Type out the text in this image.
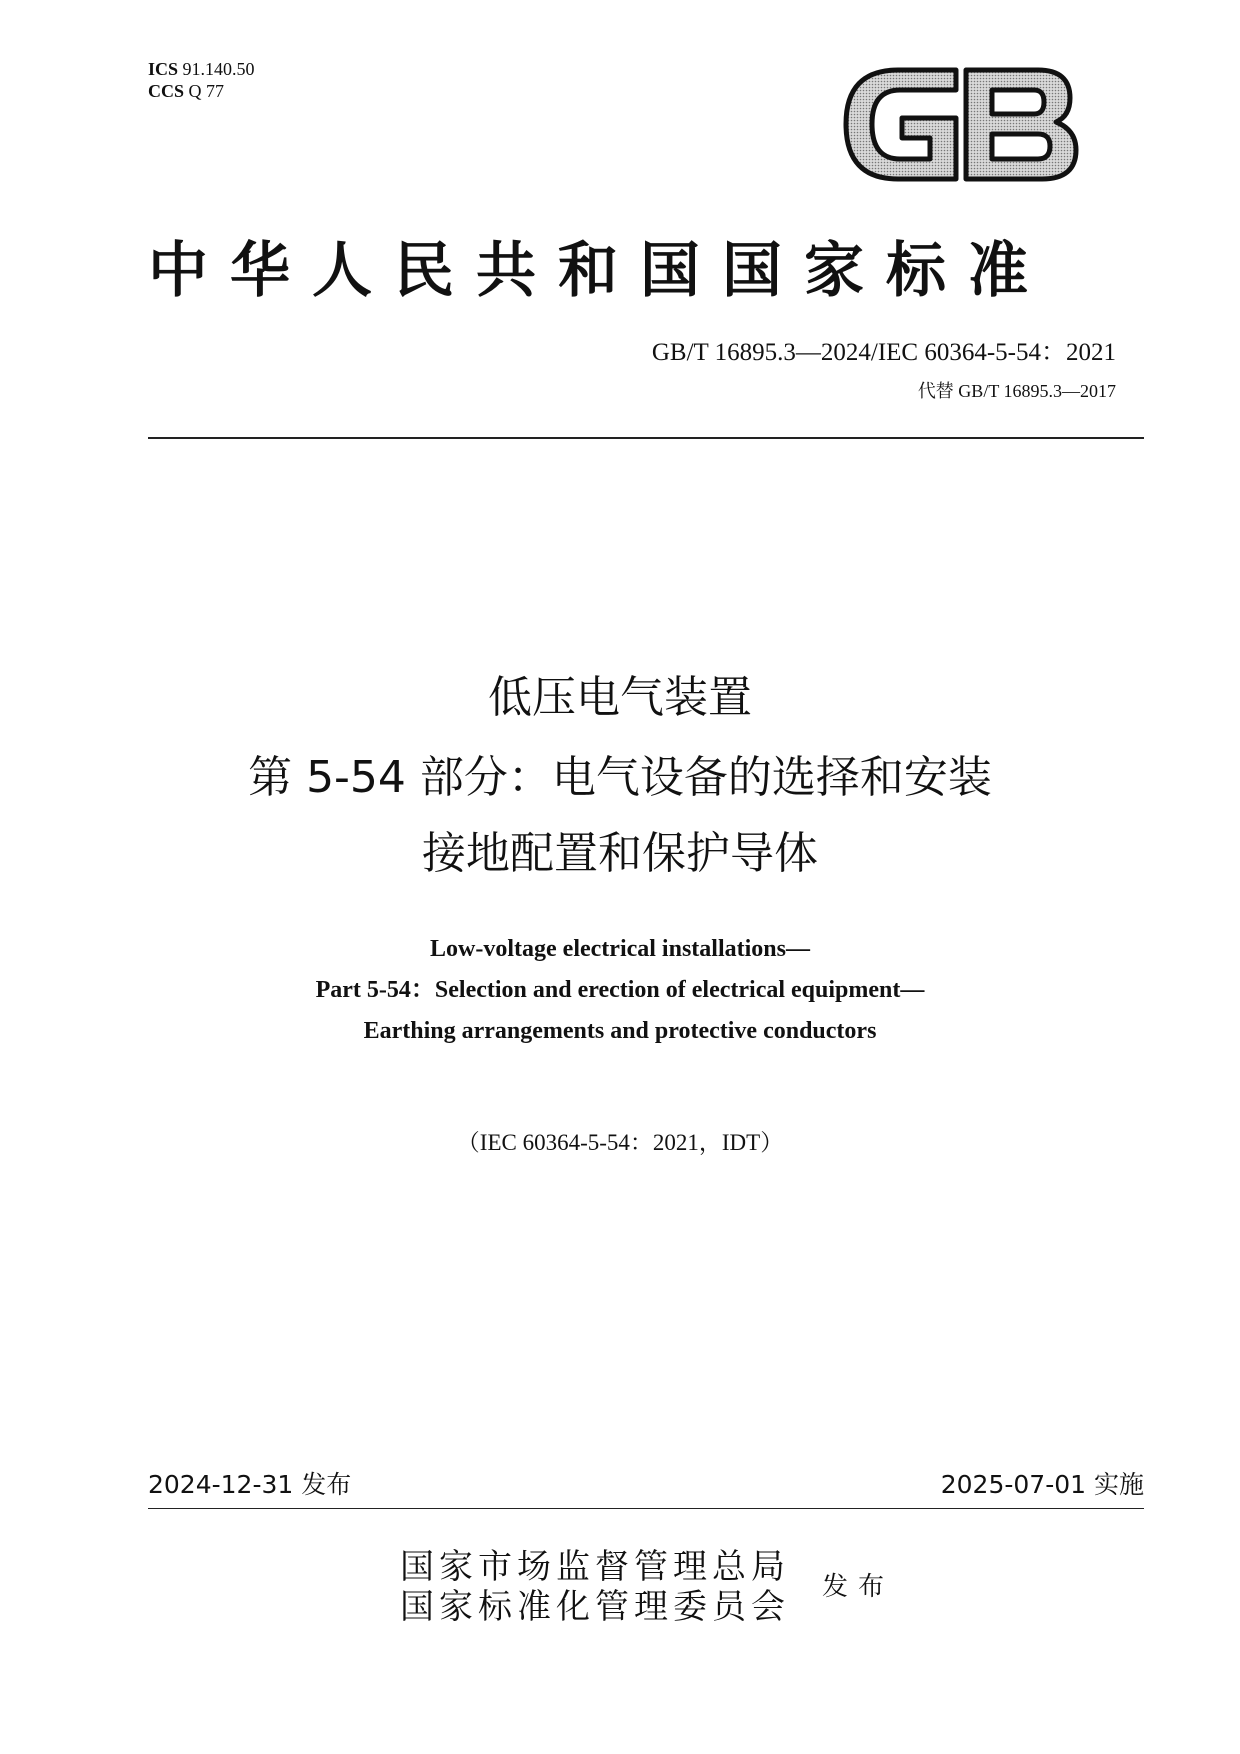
ICS 91.140.50
CCS Q 77
中华人民共和国国家标准
GB/T 16895.3—2024/IEC 60364-5-54：2021
代替 GB/T 16895.3—2017
低压电气装置
第 5-54 部分：电气设备的选择和安装
接地配置和保护导体
Low-voltage electrical installations—
Part 5-54：Selection and erection of electrical equipment—
Earthing arrangements and protective conductors
（IEC 60364-5-54：2021，IDT）
2024-12-31 发布	2025-07-01 实施
国家市场监督管理总局
国家标准化管理委员会
发布
